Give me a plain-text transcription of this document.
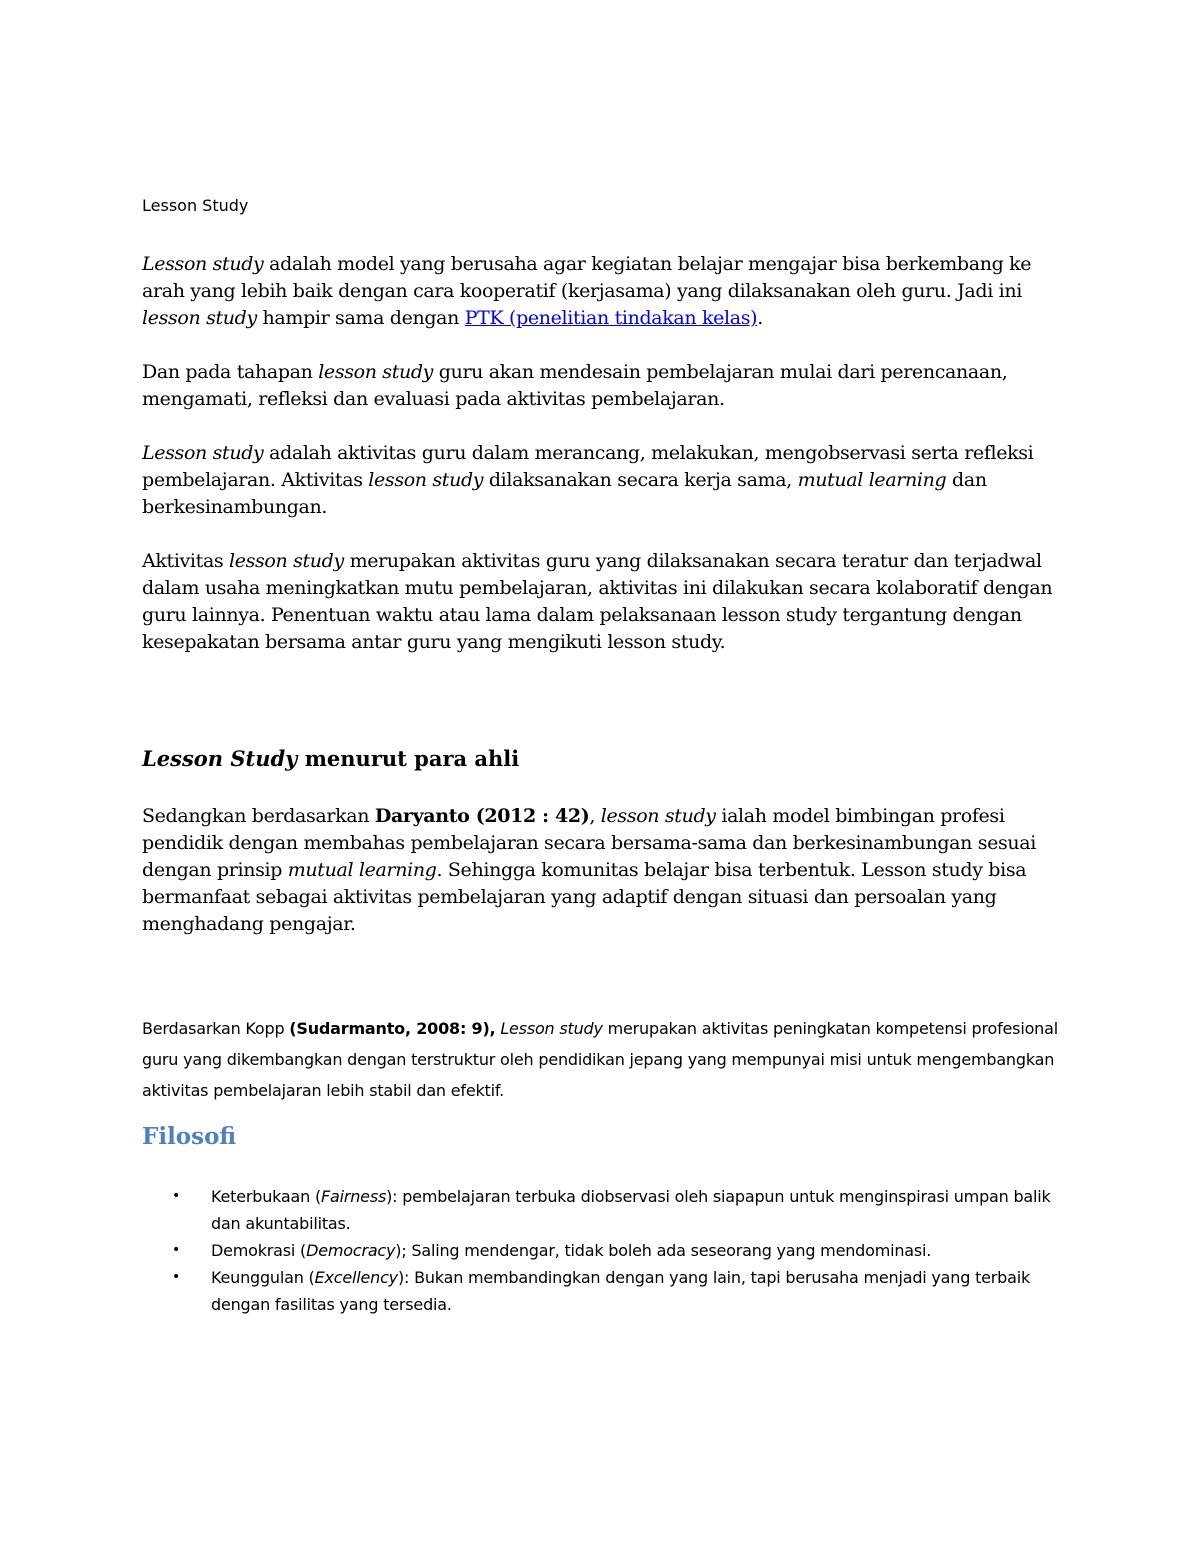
Lesson Study

Lesson study adalah model yang berusaha agar kegiatan belajar mengajar bisa berkembang ke arah yang lebih baik dengan cara kooperatif (kerjasama) yang dilaksanakan oleh guru. Jadi ini lesson study hampir sama dengan PTK (penelitian tindakan kelas).

Dan pada tahapan lesson study guru akan mendesain pembelajaran mulai dari perencanaan, mengamati, refleksi dan evaluasi pada aktivitas pembelajaran.

Lesson study adalah aktivitas guru dalam merancang, melakukan, mengobservasi serta refleksi pembelajaran. Aktivitas lesson study dilaksanakan secara kerja sama, mutual learning dan berkesinambungan.

Aktivitas lesson study merupakan aktivitas guru yang dilaksanakan secara teratur dan terjadwal dalam usaha meningkatkan mutu pembelajaran, aktivitas ini dilakukan secara kolaboratif dengan guru lainnya. Penentuan waktu atau lama dalam pelaksanaan lesson study tergantung dengan kesepakatan bersama antar guru yang mengikuti lesson study.

Lesson Study menurut para ahli

Sedangkan berdasarkan Daryanto (2012 : 42), lesson study ialah model bimbingan profesi pendidik dengan membahas pembelajaran secara bersama-sama dan berkesinambungan sesuai dengan prinsip mutual learning. Sehingga komunitas belajar bisa terbentuk. Lesson study bisa bermanfaat sebagai aktivitas pembelajaran yang adaptif dengan situasi dan persoalan yang menghadang pengajar.

Berdasarkan Kopp (Sudarmanto, 2008: 9), Lesson study merupakan aktivitas peningkatan kompetensi profesional guru yang dikembangkan dengan terstruktur oleh pendidikan jepang yang mempunyai misi untuk mengembangkan aktivitas pembelajaran lebih stabil dan efektif.

Filosofi
• Keterbukaan (Fairness): pembelajaran terbuka diobservasi oleh siapapun untuk menginspirasi umpan balik dan akuntabilitas.
• Demokrasi (Democracy); Saling mendengar, tidak boleh ada seseorang yang mendominasi.
• Keunggulan (Excellency): Bukan membandingkan dengan yang lain, tapi berusaha menjadi yang terbaik dengan fasilitas yang tersedia.
